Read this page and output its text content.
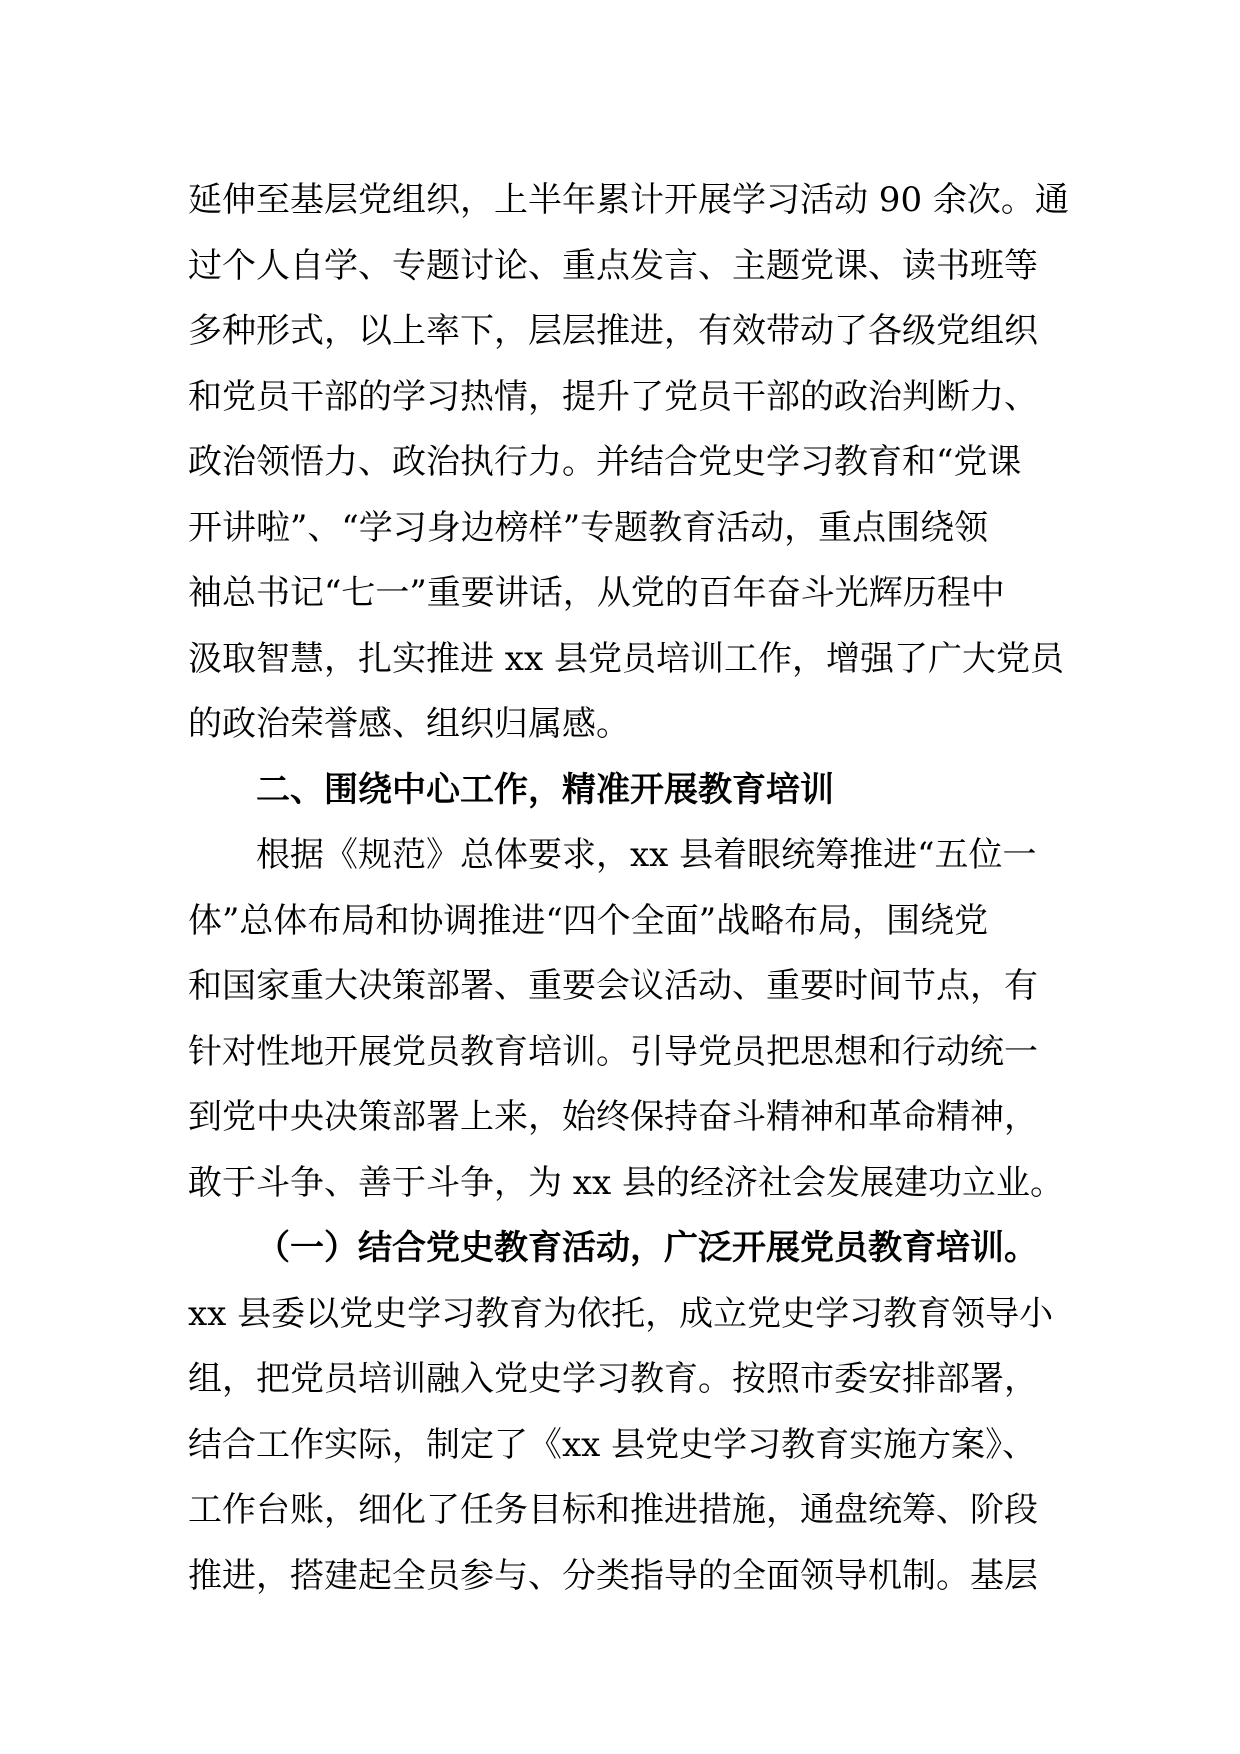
延伸至基层党组织，上半年累计开展学习活动 90 余次。通
过个人自学、专题讨论、重点发言、主题党课、读书班等
多种形式，以上率下，层层推进，有效带动了各级党组织
和党员干部的学习热情，提升了党员干部的政治判断力、
政治领悟力、政治执行力。并结合党史学习教育和“党课
开讲啦”、“学习身边榜样”专题教育活动，重点围绕领
袖总书记“七一”重要讲话，从党的百年奋斗光辉历程中
汲取智慧，扎实推进 xx 县党员培训工作，增强了广大党员
的政治荣誉感、组织归属感。
二、围绕中心工作，精准开展教育培训
根据《规范》总体要求，xx 县着眼统筹推进“五位一
体”总体布局和协调推进“四个全面”战略布局，围绕党
和国家重大决策部署、重要会议活动、重要时间节点，有
针对性地开展党员教育培训。引导党员把思想和行动统一
到党中央决策部署上来，始终保持奋斗精神和革命精神，
敢于斗争、善于斗争，为 xx 县的经济社会发展建功立业。
（一）结合党史教育活动，广泛开展党员教育培训。
xx 县委以党史学习教育为依托，成立党史学习教育领导小
组，把党员培训融入党史学习教育。按照市委安排部署，
结合工作实际，制定了《xx 县党史学习教育实施方案》、
工作台账，细化了任务目标和推进措施，通盘统筹、阶段
推进，搭建起全员参与、分类指导的全面领导机制。基层
